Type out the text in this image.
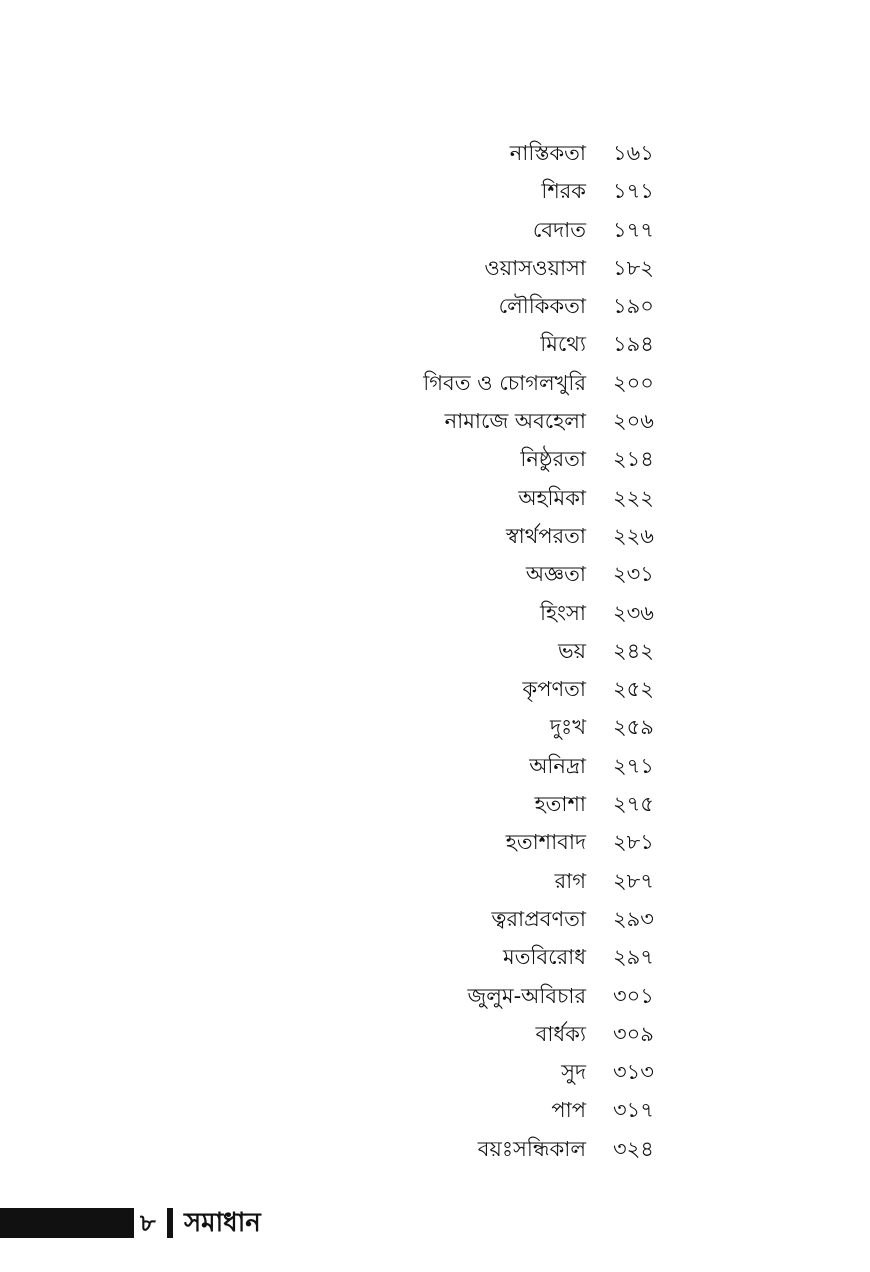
নাস্তিকতা ১৬১
শিরক ১৭১
বেদাত ১৭৭
ওয়াসওয়াসা ১৮২
লৌকিকতা ১৯০
মিথ্যে ১৯৪
গিবত ও চোগলখুরি ২০০
নামাজে অবহেলা ২০৬
নিষ্ঠুরতা ২১৪
অহমিকা ২২২
স্বার্থপরতা ২২৬
অজ্ঞতা ২৩১
হিংসা ২৩৬
ভয় ২৪২
কৃপণতা ২৫২
দুঃখ ২৫৯
অনিদ্রা ২৭১
হতাশা ২৭৫
হতাশাবাদ ২৮১
রাগ ২৮৭
ত্বরাপ্রবণতা ২৯৩
মতবিরোধ ২৯৭
জুলুম-অবিচার ৩০১
বার্ধক্য ৩০৯
সুদ ৩১৩
পাপ ৩১৭
বয়ঃসন্ধিকাল ৩২৪
৮ সমাধান
